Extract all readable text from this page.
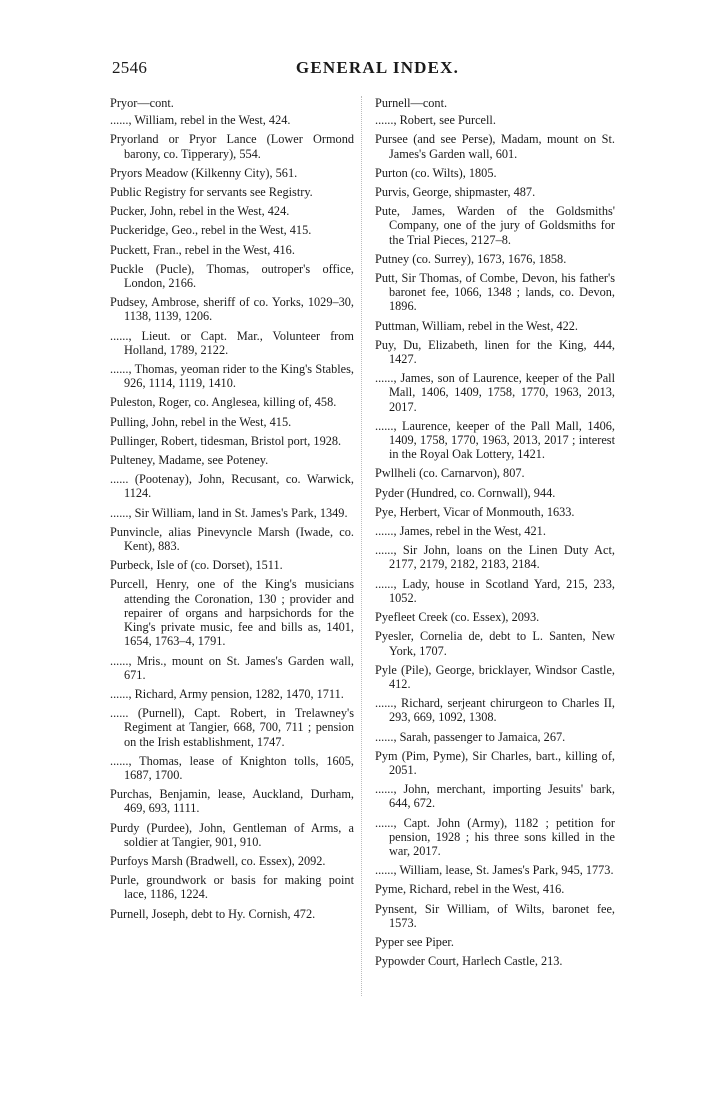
2546	GENERAL INDEX.
Pryor—cont.
......, William, rebel in the West, 424.
Pryorland or Pryor Lance (Lower Ormond barony, co. Tipperary), 554.
Pryors Meadow (Kilkenny City), 561.
Public Registry for servants see Registry.
Pucker, John, rebel in the West, 424.
Puckeridge, Geo., rebel in the West, 415.
Puckett, Fran., rebel in the West, 416.
Puckle (Pucle), Thomas, outroper's office, London, 2166.
Pudsey, Ambrose, sheriff of co. Yorks, 1029–30, 1138, 1139, 1206.
......, Lieut. or Capt. Mar., Volunteer from Holland, 1789, 2122.
......, Thomas, yeoman rider to the King's Stables, 926, 1114, 1119, 1410.
Puleston, Roger, co. Anglesea, killing of, 458.
Pulling, John, rebel in the West, 415.
Pullinger, Robert, tidesman, Bristol port, 1928.
Pulteney, Madame, see Poteney.
...... (Pootenay), John, Recusant, co. Warwick, 1124.
......, Sir William, land in St. James's Park, 1349.
Punvincle, alias Pinevyncle Marsh (Iwade, co. Kent), 883.
Purbeck, Isle of (co. Dorset), 1511.
Purcell, Henry, one of the King's musicians attending the Coronation, 130 ; provider and repairer of organs and harpsichords for the King's private music, fee and bills as, 1401, 1654, 1763–4, 1791.
......, Mris., mount on St. James's Garden wall, 671.
......, Richard, Army pension, 1282, 1470, 1711.
...... (Purnell), Capt. Robert, in Trelawney's Regiment at Tangier, 668, 700, 711 ; pension on the Irish establishment, 1747.
......, Thomas, lease of Knighton tolls, 1605, 1687, 1700.
Purchas, Benjamin, lease, Auckland, Durham, 469, 693, 1111.
Purdy (Purdee), John, Gentleman of Arms, a soldier at Tangier, 901, 910.
Purfoys Marsh (Bradwell, co. Essex), 2092.
Purle, groundwork or basis for making point lace, 1186, 1224.
Purnell, Joseph, debt to Hy. Cornish, 472.
Purnell—cont.
......, Robert, see Purcell.
Pursee (and see Perse), Madam, mount on St. James's Garden wall, 601.
Purton (co. Wilts), 1805.
Purvis, George, shipmaster, 487.
Pute, James, Warden of the Goldsmiths' Company, one of the jury of Goldsmiths for the Trial Pieces, 2127–8.
Putney (co. Surrey), 1673, 1676, 1858.
Putt, Sir Thomas, of Combe, Devon, his father's baronet fee, 1066, 1348 ; lands, co. Devon, 1896.
Puttman, William, rebel in the West, 422.
Puy, Du, Elizabeth, linen for the King, 444, 1427.
......, James, son of Laurence, keeper of the Pall Mall, 1406, 1409, 1758, 1770, 1963, 2013, 2017.
......, Laurence, keeper of the Pall Mall, 1406, 1409, 1758, 1770, 1963, 2013, 2017 ; interest in the Royal Oak Lottery, 1421.
Pwllheli (co. Carnarvon), 807.
Pyder (Hundred, co. Cornwall), 944.
Pye, Herbert, Vicar of Monmouth, 1633.
......, James, rebel in the West, 421.
......, Sir John, loans on the Linen Duty Act, 2177, 2179, 2182, 2183, 2184.
......, Lady, house in Scotland Yard, 215, 233, 1052.
Pyefleet Creek (co. Essex), 2093.
Pyesler, Cornelia de, debt to L. Santen, New York, 1707.
Pyle (Pile), George, bricklayer, Windsor Castle, 412.
......, Richard, serjeant chirurgeon to Charles II, 293, 669, 1092, 1308.
......, Sarah, passenger to Jamaica, 267.
Pym (Pim, Pyme), Sir Charles, bart., killing of, 2051.
......, John, merchant, importing Jesuits' bark, 644, 672.
......, Capt. John (Army), 1182 ; petition for pension, 1928 ; his three sons killed in the war, 2017.
......, William, lease, St. James's Park, 945, 1773.
Pyme, Richard, rebel in the West, 416.
Pynsent, Sir William, of Wilts, baronet fee, 1573.
Pyper see Piper.
Pypowder Court, Harlech Castle, 213.
